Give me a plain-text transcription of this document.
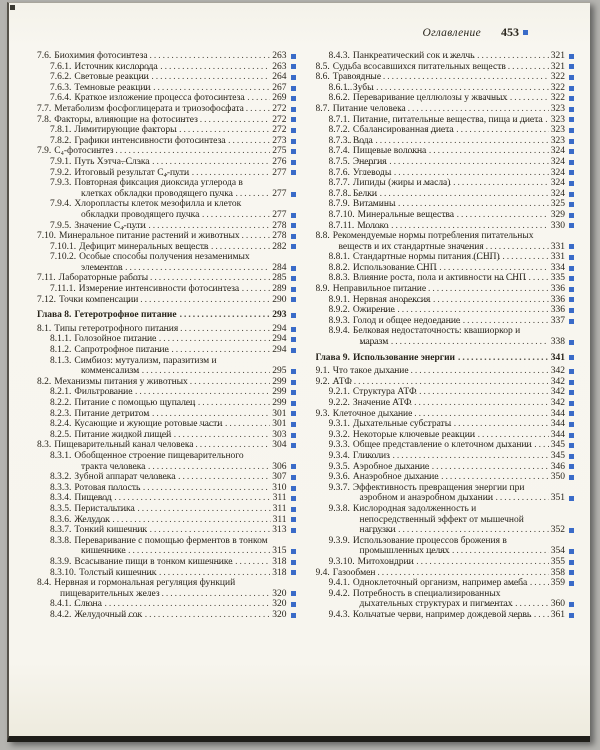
Оглавление 453
7.6. Биохимия фотосинтеза	263
7.6.1. Источник кислорода	263
7.6.2. Световые реакции	264
7.6.3. Темновые реакции	267
7.6.4. Краткое изложение процесса фотосинтеза	269
7.7. Метаболизм фосфоглицерата и триозофосфата	272
7.8. Факторы, влияющие на фотосинтез	272
7.8.1. Лимитирующие факторы	272
7.8.2. Графики интенсивности фотосинтеза	273
7.9. С₄-фотосинтез	275
7.9.1. Путь Хэтча–Слэка	276
7.9.2. Итоговый результат С₄-пути	277
7.9.3. Повторная фиксация диоксида углерода в клетках обкладки проводящего пучка	277
7.9.4. Хлоропласты клеток мезофилла и клеток обкладки проводящего пучка	277
7.9.5. Значение С₄-пути	278
7.10. Минеральное питание растений и животных	278
7.10.1. Дефицит минеральных веществ	282
7.10.2. Особые способы получения незаменимых элементов	284
7.11. Лабораторные работы	285
7.11.1. Измерение интенсивности фотосинтеза	289
7.12. Точки компенсации	290
Глава 8. Гетеротрофное питание	293
8.1. Типы гетеротрофного питания	294
8.1.1. Голозойное питание	294
8.1.2. Сапротрофное питание	294
8.1.3. Симбиоз: мутуализм, паразитизм и комменсализм	295
8.2. Механизмы питания у животных	299
8.2.1. Фильтрование	299
8.2.2. Питание с помощью щупалец	299
8.2.3. Питание детритом	301
8.2.4. Кусающие и жующие ротовые части	301
8.2.5. Питание жидкой пищей	303
8.3. Пищеварительный канал человека	304
8.3.1. Обобщенное строение пищеварительного тракта человека	306
8.3.2. Зубной аппарат человека	307
8.3.3. Ротовая полость	310
8.3.4. Пищевод	311
8.3.5. Перистальтика	311
8.3.6. Желудок	311
8.3.7. Тонкий кишечник	313
8.3.8. Переваривание с помощью ферментов в тонком кишечнике	315
8.3.9. Всасывание пищи в тонком кишечнике	318
8.3.10. Толстый кишечник	318
8.4. Нервная и гормональная регуляция функций пищеварительных желез	320
8.4.1. Слюна	320
8.4.2. Желудочный сок	320
8.4.3. Панкреатический сок и желчь	321
8.5. Судьба всосавшихся питательных веществ	321
8.6. Травоядные	322
8.6.1. Зубы	322
8.6.2. Переваривание целлюлозы у жвачных	322
8.7. Питание человека	323
8.7.1. Питание, питательные вещества, пища и диета 323
8.7.2. Сбалансированная диета	323
8.7.3. Вода	323
8.7.4. Пищевые волокна	324
8.7.5. Энергия	324
8.7.6. Углеводы	324
8.7.7. Липиды (жиры и масла)	324
8.7.8. Белки	324
8.7.9. Витамины	325
8.7.10. Минеральные вещества	329
8.7.11. Молоко	330
8.8. Рекомендуемые нормы потребления питательных веществ и их стандартные значения	331
8.8.1. Стандартные нормы питания (СНП)	331
8.8.2. Использование СНП	334
8.8.3. Влияние роста, пола и активности на СНП	335
8.9. Неправильное питание	336
8.9.1. Нервная анорексия	336
8.9.2. Ожирение	336
8.9.3. Голод и общее недоедание	337
8.9.4. Белковая недостаточность: квашиоркор и маразм	338
Глава 9. Использование энергии	341
9.1. Что такое дыхание	342
9.2. АТФ	342
9.2.1. Структура АТФ	342
9.2.2. Значение АТФ	342
9.3. Клеточное дыхание	344
9.3.1. Дыхательные субстраты	344
9.3.2. Некоторые ключевые реакции	344
9.3.3. Общее представление о клеточном дыхании	345
9.3.4. Гликолиз	345
9.3.5. Аэробное дыхание	346
9.3.6. Анаэробное дыхание	350
9.3.7. Эффективность превращения энергии при аэробном и анаэробном дыхании	351
9.3.8. Кислородная задолженность и непосредственный эффект от мышечной нагрузки	352
9.3.9. Использование процессов брожения в промышленных целях	354
9.3.10. Митохондрии	355
9.4. Газообмен	358
9.4.1. Одноклеточный организм, например амеба	359
9.4.2. Потребность в специализированных дыхательных структурах и пигментах	360
9.4.3. Кольчатые черви, например дождевой червь	361
